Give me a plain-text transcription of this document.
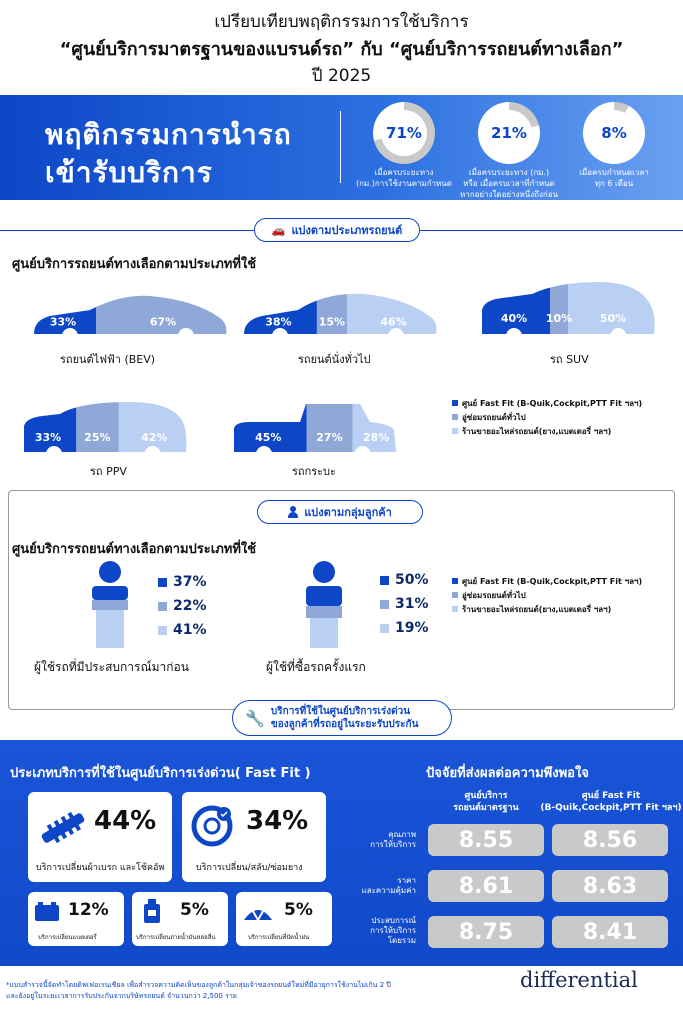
เปรียบเทียบพฤติกรรมการใช้บริการ
“ศูนย์บริการมาตรฐานของแบรนด์รถ” กับ “ศูนย์บริการรถยนต์ทางเลือก”
ปี 2025
พฤติกรรมการนำรถ
เข้ารับบริการ
71%
เมื่อครบระยะทาง
(กม.)การใช้งานตามกำหนด
21%
เมื่อครบระยะทาง (กม.)
หรือ เมื่อครบเวลาที่กำหนด
หากอย่างใดอย่างหนึ่งถึงก่อน
8%
เมื่อครบกำหนดเวลา
ทุก 6 เดือน
🚗 แบ่งตามประเภทรถยนต์
ศูนย์บริการรถยนต์ทางเลือกตามประเภทที่ใช้
33%	67%
รถยนต์ไฟฟ้า (BEV)
38% 15%	46%
รถยนต์นั่งทั่วไป
40% 10%	50%
รถ SUV
33% 25%	42%
รถ PPV
45%	27% 28%
รถกระบะ
ศูนย์ Fast Fit (B-Quik,Cockpit,PTT Fit ฯลฯ)
อู่ซ่อมรถยนต์ทั่วไป
ร้านขายอะไหล่รถยนต์(ยาง,แบตเตอรี่ ฯลฯ)
แบ่งตามกลุ่มลูกค้า
ศูนย์บริการรถยนต์ทางเลือกตามประเภทที่ใช้
37%
22%
41%
ผู้ใช้รถที่มีประสบการณ์มาก่อน
50%
31%
19%
ผู้ใช้ที่ซื้อรถครั้งแรก
ศูนย์ Fast Fit (B-Quik,Cockpit,PTT Fit ฯลฯ)
อู่ซ่อมรถยนต์ทั่วไป
ร้านขายอะไหล่รถยนต์(ยาง,แบตเตอรี่ ฯลฯ)
🔧 บริการที่ใช้ในศูนย์บริการเร่งด่วน
ของลูกค้าที่รถอยู่ในระยะรับประกัน
ประเภทบริการที่ใช้ในศูนย์บริการเร่งด่วน( Fast Fit )
44%
บริการเปลี่ยนผ้าเบรก และโช้คอัพ
34%
บริการเปลี่ยน/สลับ/ซ่อมยาง
12%
บริการเปลี่ยนแบตเตอรี่
5%
บริการเปลี่ยนถ่ายน้ำมันหล่อลื่น
5%
บริการเปลี่ยนที่ปัดน้ำฝน
ปัจจัยที่ส่งผลต่อความพึงพอใจ
ศูนย์บริการ
รถยนต์มาตรฐาน
ศูนย์ Fast Fit
(B-Quik,Cockpit,PTT Fit ฯลฯ)
คุณภาพ
การให้บริการ	8.55	8.56
ราคา
และความคุ้มค่า	8.61	8.63
ประสบการณ์
การให้บริการ
โดยรวม	8.75	8.41
*แบบสำรวจนี้จัดทำโดยดิฟเฟอเรนเชียล เพื่อสำรวจความคิดเห็นของลูกค้าในกลุ่มเจ้าของรถยนต์ใหม่ที่มีอายุการใช้งานไม่เกิน 2 ปี
และยังอยู่ในระยะเวลาการรับประกันจากบริษัทรถยนต์ จำนวนกว่า 2,500 ราย
differential
